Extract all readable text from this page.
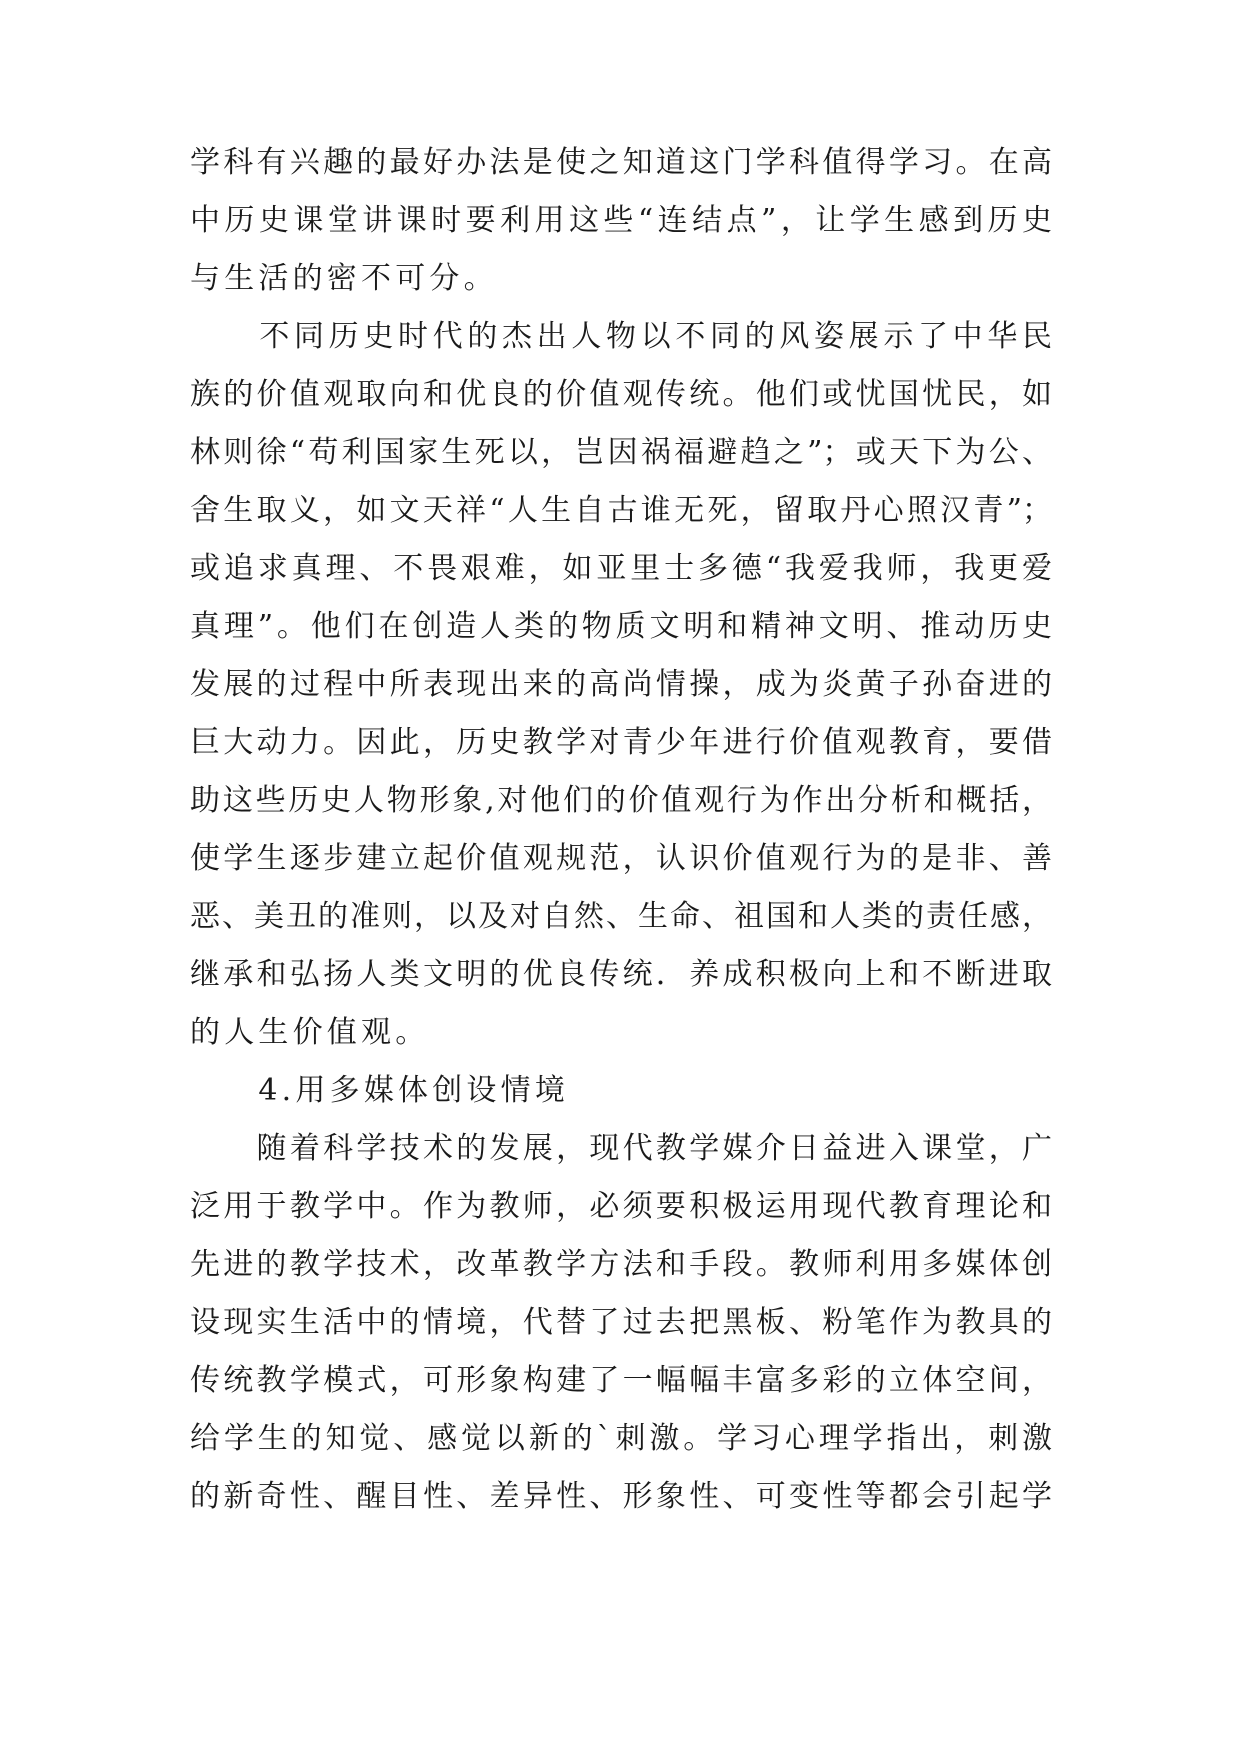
学科有兴趣的最好办法是使之知道这门学科值得学习。在高
中历史课堂讲课时要利用这些“连结点”，让学生感到历史
与生活的密不可分。
　　不同历史时代的杰出人物以不同的风姿展示了中华民
族的价值观取向和优良的价值观传统。他们或忧国忧民，如
林则徐“苟利国家生死以，岂因祸福避趋之”；或天下为公、
舍生取义，如文天祥“人生自古谁无死，留取丹心照汉青”；
或追求真理、不畏艰难，如亚里士多德“我爱我师，我更爱
真理”。他们在创造人类的物质文明和精神文明、推动历史
发展的过程中所表现出来的高尚情操，成为炎黄子孙奋进的
巨大动力。因此，历史教学对青少年进行价值观教育，要借
助这些历史人物形象,对他们的价值观行为作出分析和概括，
使学生逐步建立起价值观规范，认识价值观行为的是非、善
恶、美丑的准则，以及对自然、生命、祖国和人类的责任感，
继承和弘扬人类文明的优良传统．养成积极向上和不断进取
的人生价值观。
　　4.用多媒体创设情境
　　随着科学技术的发展，现代教学媒介日益进入课堂，广
泛用于教学中。作为教师，必须要积极运用现代教育理论和
先进的教学技术，改革教学方法和手段。教师利用多媒体创
设现实生活中的情境，代替了过去把黑板、粉笔作为教具的
传统教学模式，可形象构建了一幅幅丰富多彩的立体空间，
给学生的知觉、感觉以新的`刺激。学习心理学指出，刺激
的新奇性、醒目性、差异性、形象性、可变性等都会引起学
